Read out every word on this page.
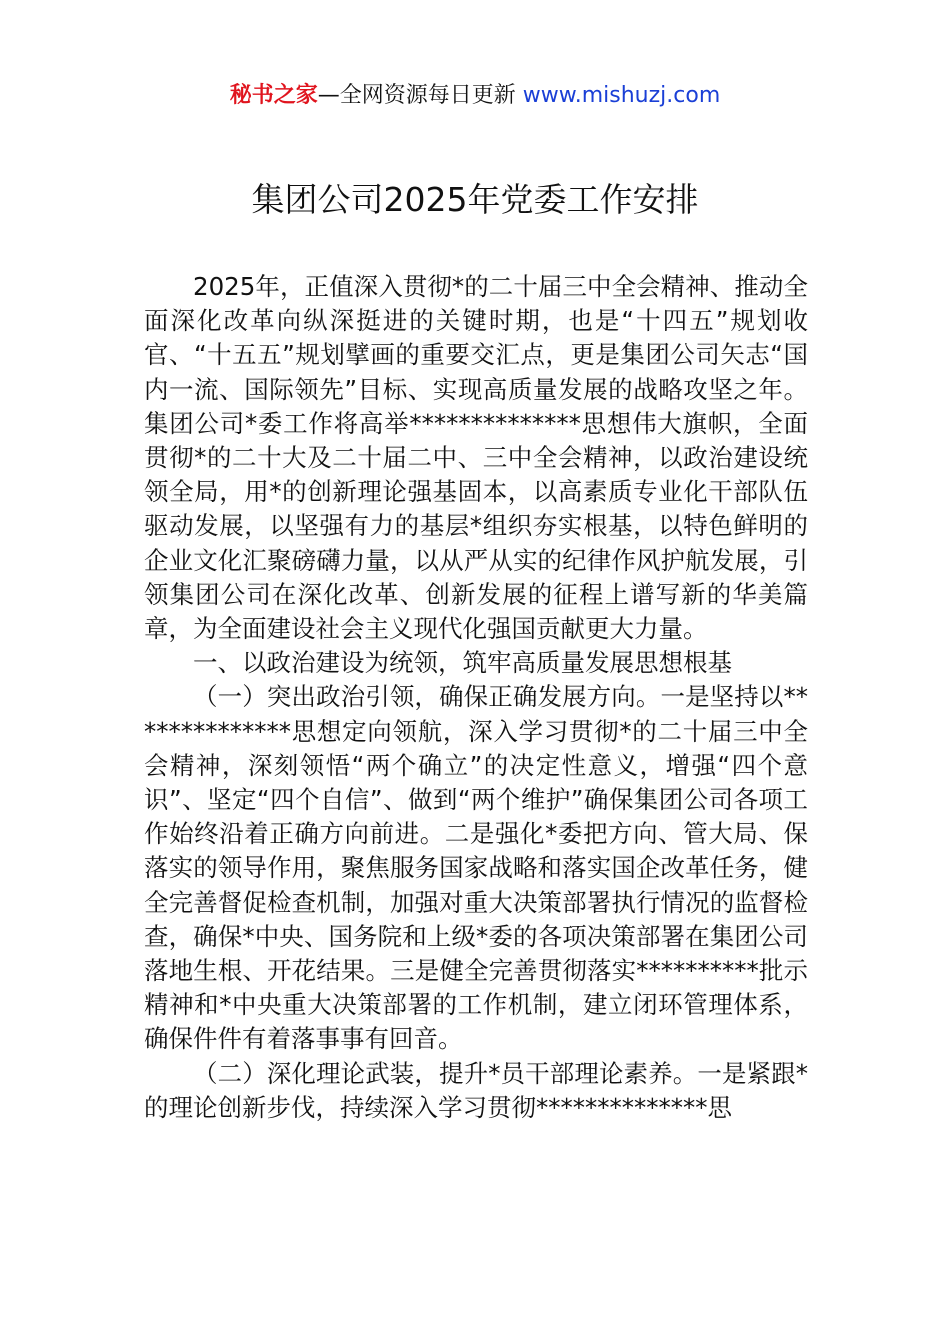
秘书之家—全网资源每日更新 www.mishuzj.com
集团公司2025年党委工作安排

2025年，正值深入贯彻*的二十届三中全会精神、推动全面深化改革向纵深挺进的关键时期，也是“十四五”规划收官、“十五五”规划擘画的重要交汇点，更是集团公司矢志“国内一流、国际领先”目标、实现高质量发展的战略攻坚之年。集团公司*委工作将高举**************思想伟大旗帜，全面贯彻*的二十大及二十届二中、三中全会精神，以政治建设统领全局，用*的创新理论强基固本，以高素质专业化干部队伍驱动发展，以坚强有力的基层*组织夯实根基，以特色鲜明的企业文化汇聚磅礴力量，以从严从实的纪律作风护航发展，引领集团公司在深化改革、创新发展的征程上谱写新的华美篇章，为全面建设社会主义现代化强国贡献更大力量。

一、以政治建设为统领，筑牢高质量发展思想根基

（一）突出政治引领，确保正确发展方向。一是坚持以**************思想定向领航，深入学习贯彻*的二十届三中全会精神，深刻领悟“两个确立”的决定性意义，增强“四个意识”、坚定“四个自信”、做到“两个维护”确保集团公司各项工作始终沿着正确方向前进。二是强化*委把方向、管大局、保落实的领导作用，聚焦服务国家战略和落实国企改革任务，健全完善督促检查机制，加强对重大决策部署执行情况的监督检查，确保*中央、国务院和上级*委的各项决策部署在集团公司落地生根、开花结果。三是健全完善贯彻落实**********批示精神和*中央重大决策部署的工作机制，建立闭环管理体系，确保件件有着落事事有回音。

（二）深化理论武装，提升*员干部理论素养。一是紧跟*的理论创新步伐，持续深入学习贯彻**************思
